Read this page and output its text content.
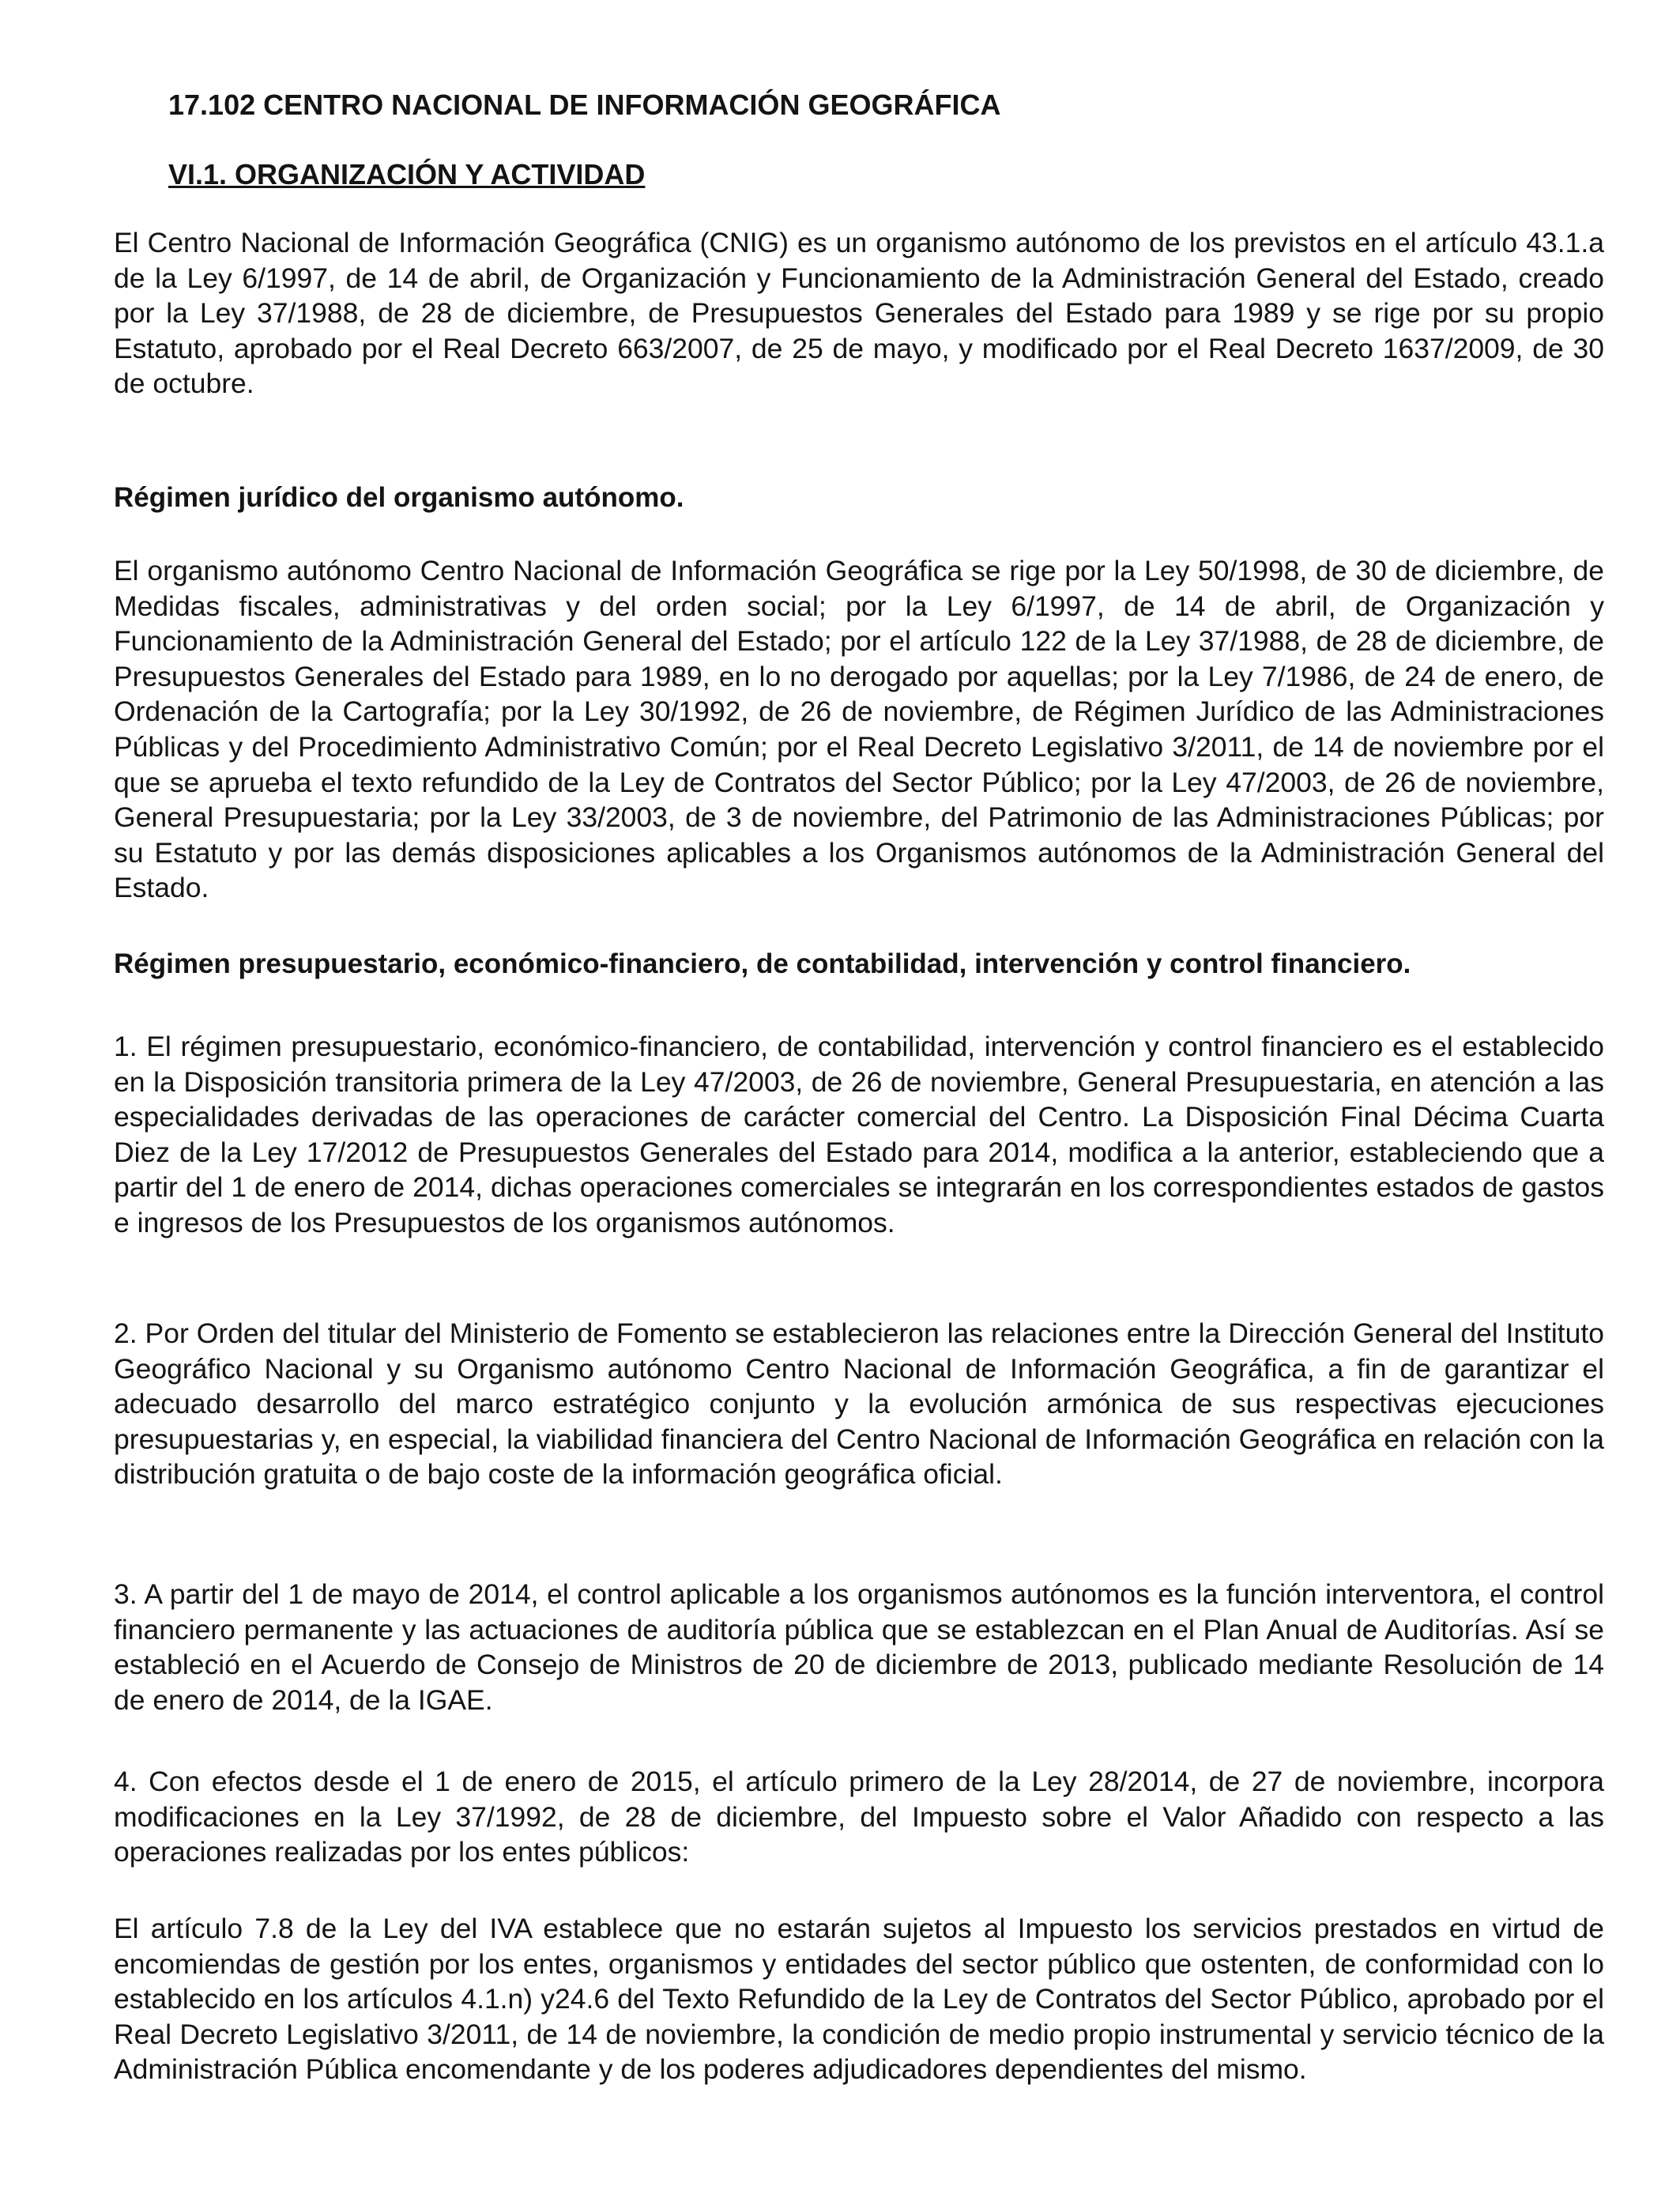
17.102 CENTRO NACIONAL DE INFORMACIÓN GEOGRÁFICA
VI.1. ORGANIZACIÓN Y ACTIVIDAD

El Centro Nacional de Información Geográfica (CNIG) es un organismo autónomo de los previstos en el artículo 43.1.a de la Ley 6/1997, de 14 de abril, de Organización y Funcionamiento de la Administración General del Estado, creado por la Ley 37/1988, de 28 de diciembre, de Presupuestos Generales del Estado para 1989 y se rige por su propio Estatuto, aprobado por el Real Decreto 663/2007, de 25 de mayo, y modificado por el Real Decreto 1637/2009, de 30 de octubre.

Régimen jurídico del organismo autónomo.

El organismo autónomo Centro Nacional de Información Geográfica se rige por la Ley 50/1998, de 30 de diciembre, de Medidas fiscales, administrativas y del orden social; por la Ley 6/1997, de 14 de abril, de Organización y Funcionamiento de la Administración General del Estado; por el artículo 122 de la Ley 37/1988, de 28 de diciembre, de Presupuestos Generales del Estado para 1989, en lo no derogado por aquellas; por la Ley 7/1986, de 24 de enero, de Ordenación de la Cartografía; por la Ley 30/1992, de 26 de noviembre, de Régimen Jurídico de las Administraciones Públicas y del Procedimiento Administrativo Común; por el Real Decreto Legislativo 3/2011, de 14 de noviembre por el que se aprueba el texto refundido de la Ley de Contratos del Sector Público; por la Ley 47/2003, de 26 de noviembre, General Presupuestaria; por la Ley 33/2003, de 3 de noviembre, del Patrimonio de las Administraciones Públicas; por su Estatuto y por las demás disposiciones aplicables a los Organismos autónomos de la Administración General del Estado.

Régimen presupuestario, económico-financiero, de contabilidad, intervención y control financiero.

1. El régimen presupuestario, económico-financiero, de contabilidad, intervención y control financiero es el establecido en la Disposición transitoria primera de la Ley 47/2003, de 26 de noviembre, General Presupuestaria, en atención a las especialidades derivadas de las operaciones de carácter comercial del Centro. La Disposición Final Décima Cuarta Diez de la Ley 17/2012 de Presupuestos Generales del Estado para 2014, modifica a la anterior, estableciendo que a partir del 1 de enero de 2014, dichas operaciones comerciales se integrarán en los correspondientes estados de gastos e ingresos de los Presupuestos de los organismos autónomos.

2. Por Orden del titular del Ministerio de Fomento se establecieron las relaciones entre la Dirección General del Instituto Geográfico Nacional y su Organismo autónomo Centro Nacional de Información Geográfica, a fin de garantizar el adecuado desarrollo del marco estratégico conjunto y la evolución armónica de sus respectivas ejecuciones presupuestarias y, en especial, la viabilidad financiera del Centro Nacional de Información Geográfica en relación con la distribución gratuita o de bajo coste de la información geográfica oficial.

3. A partir del 1 de mayo de 2014, el control aplicable a los organismos autónomos es la función interventora, el control financiero permanente y las actuaciones de auditoría pública que se establezcan en el Plan Anual de Auditorías. Así se estableció en el Acuerdo de Consejo de Ministros de 20 de diciembre de 2013, publicado mediante Resolución de 14 de enero de 2014, de la IGAE.

4. Con efectos desde el 1 de enero de 2015, el artículo primero de la Ley 28/2014, de 27 de noviembre, incorpora modificaciones en la Ley 37/1992, de 28 de diciembre, del Impuesto sobre el Valor Añadido con respecto a las operaciones realizadas por los entes públicos:

El artículo 7.8 de la Ley del IVA establece que no estarán sujetos al Impuesto los servicios prestados en virtud de encomiendas de gestión por los entes, organismos y entidades del sector público que ostenten, de conformidad con lo establecido en los artículos 4.1.n) y24.6 del Texto Refundido de la Ley de Contratos del Sector Público, aprobado por el Real Decreto Legislativo 3/2011, de 14 de noviembre, la condición de medio propio instrumental y servicio técnico de la Administración Pública encomendante y de los poderes adjudicadores dependientes del mismo.
